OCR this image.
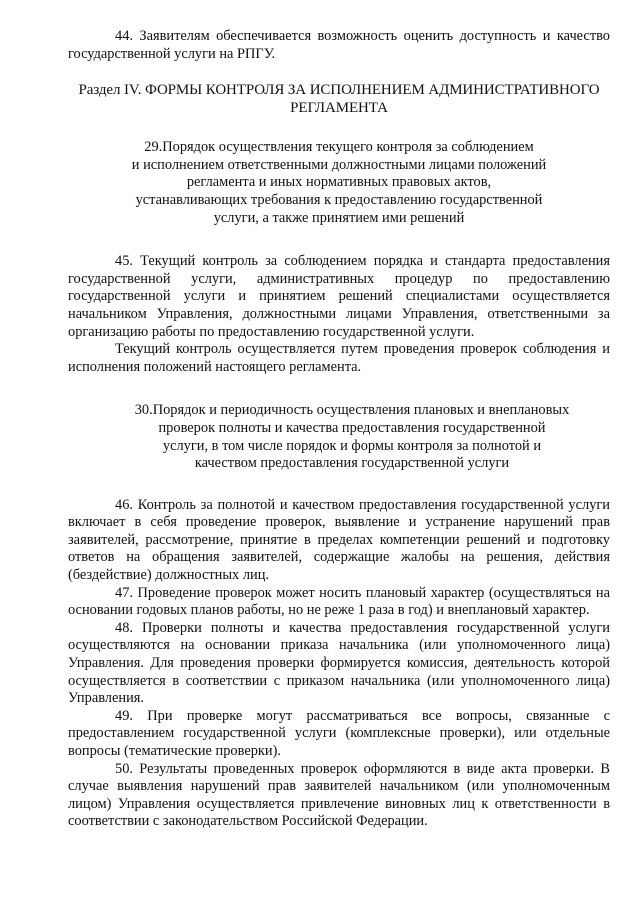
44. Заявителям обеспечивается возможность оценить доступность и качество государственной услуги на РПГУ.

Раздел IV. ФОРМЫ КОНТРОЛЯ ЗА ИСПОЛНЕНИЕМ АДМИНИСТРАТИВНОГО РЕГЛАМЕНТА
29.Порядок осуществления текущего контроля за соблюдением
и исполнением ответственными должностными лицами положений
регламента и иных нормативных правовых актов,
устанавливающих требования к предоставлению государственной
услуги, а также принятием ими решений

45. Текущий контроль за соблюдением порядка и стандарта предоставления государственной услуги, административных процедур по предоставлению государственной услуги и принятием решений специалистами осуществляется начальником Управления, должностными лицами Управления, ответственными за организацию работы по предоставлению государственной услуги.

Текущий контроль осуществляется путем проведения проверок соблюдения и исполнения положений настоящего регламента.

30.Порядок и периодичность осуществления плановых и внеплановых
проверок полноты и качества предоставления государственной
услуги, в том числе порядок и формы контроля за полнотой и
качеством предоставления государственной услуги

46. Контроль за полнотой и качеством предоставления государственной услуги включает в себя проведение проверок, выявление и устранение нарушений прав заявителей, рассмотрение, принятие в пределах компетенции решений и подготовку ответов на обращения заявителей, содержащие жалобы на решения, действия (бездействие) должностных лиц.

47. Проведение проверок может носить плановый характер (осуществляться на основании годовых планов работы, но не реже 1 раза в год) и внеплановый характер.

48. Проверки полноты и качества предоставления государственной услуги осуществляются на основании приказа начальника (или уполномоченного лица) Управления. Для проведения проверки формируется комиссия, деятельность которой осуществляется в соответствии с приказом начальника (или уполномоченного лица) Управления.

49. При проверке могут рассматриваться все вопросы, связанные с предоставлением государственной услуги (комплексные проверки), или отдельные вопросы (тематические проверки).

50. Результаты проведенных проверок оформляются в виде акта проверки. В случае выявления нарушений прав заявителей начальником (или уполномоченным лицом) Управления осуществляется привлечение виновных лиц к ответственности в соответствии с законодательством Российской Федерации.
